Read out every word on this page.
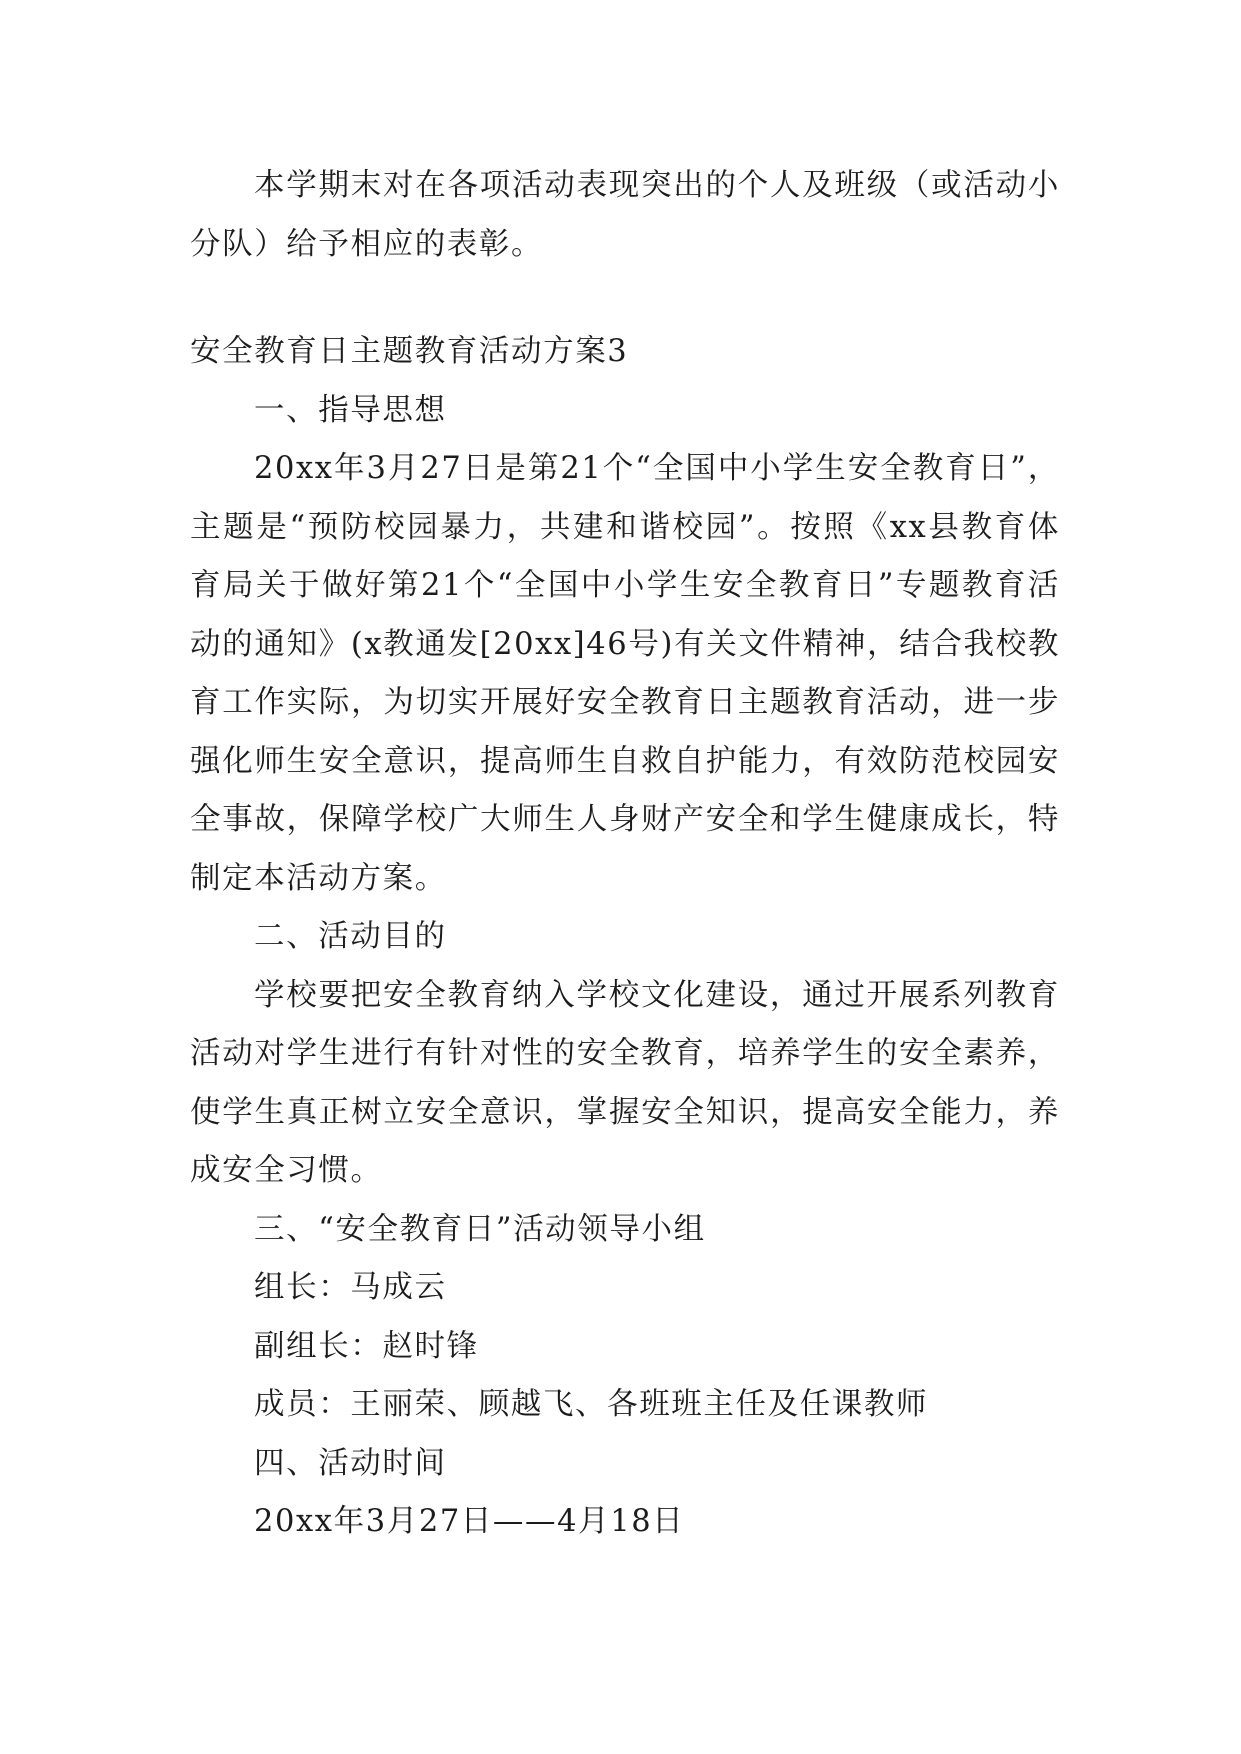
本学期末对在各项活动表现突出的个人及班级（或活动小分队）给予相应的表彰。

安全教育日主题教育活动方案3

一、指导思想

20xx年3月27日是第21个“全国中小学生安全教育日”，主题是“预防校园暴力，共建和谐校园”。按照《xx县教育体育局关于做好第21个“全国中小学生安全教育日”专题教育活动的通知》(x教通发[20xx]46号)有关文件精神，结合我校教育工作实际，为切实开展好安全教育日主题教育活动，进一步强化师生安全意识，提高师生自救自护能力，有效防范校园安全事故，保障学校广大师生人身财产安全和学生健康成长，特制定本活动方案。

二、活动目的

学校要把安全教育纳入学校文化建设，通过开展系列教育活动对学生进行有针对性的安全教育，培养学生的安全素养，使学生真正树立安全意识，掌握安全知识，提高安全能力，养成安全习惯。

三、“安全教育日”活动领导小组

组长：马成云

副组长：赵时锋

成员：王丽荣、顾越飞、各班班主任及任课教师

四、活动时间

20xx年3月27日——4月18日
